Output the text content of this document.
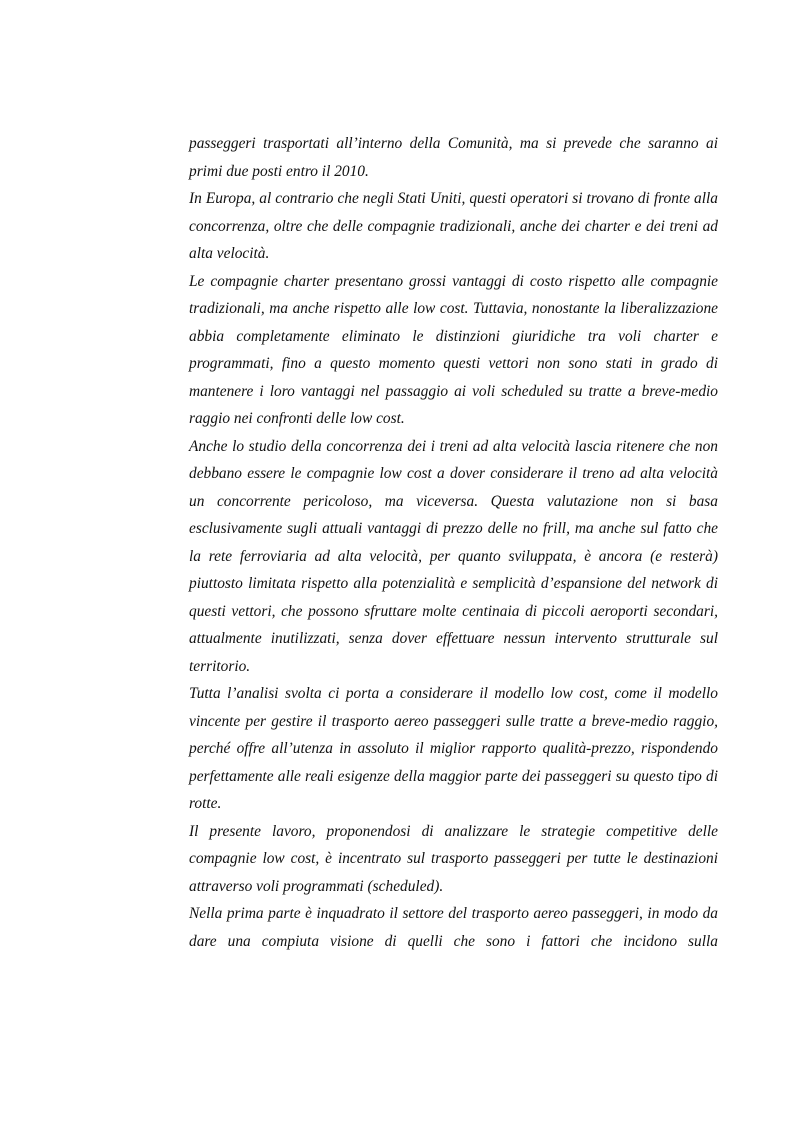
passeggeri trasportati all’interno della Comunità, ma si prevede che saranno ai primi due posti entro il 2010.

In Europa, al contrario che negli Stati Uniti, questi operatori si trovano di fronte alla concorrenza, oltre che delle compagnie tradizionali, anche dei charter e dei treni ad alta velocità.

Le compagnie charter presentano grossi vantaggi di costo rispetto alle compagnie tradizionali, ma anche rispetto alle low cost. Tuttavia, nonostante la liberalizzazione abbia completamente eliminato le distinzioni giuridiche tra voli charter e programmati, fino a questo momento questi vettori non sono stati in grado di mantenere i loro vantaggi nel passaggio ai voli scheduled su tratte a breve-medio raggio nei confronti delle low cost.

Anche lo studio della concorrenza dei i treni ad alta velocità lascia ritenere che non debbano essere le compagnie low cost a dover considerare il treno ad alta velocità un concorrente pericoloso, ma viceversa. Questa valutazione non si basa esclusivamente sugli attuali vantaggi di prezzo delle no frill, ma anche sul fatto che la rete ferroviaria ad alta velocità, per quanto sviluppata, è ancora (e resterà) piuttosto limitata rispetto alla potenzialità e semplicità d’espansione del network di questi vettori, che possono sfruttare molte centinaia di piccoli aeroporti secondari, attualmente inutilizzati, senza dover effettuare nessun intervento strutturale sul territorio.

Tutta l’analisi svolta ci porta a considerare il modello low cost, come il modello vincente per gestire il trasporto aereo passeggeri sulle tratte a breve-medio raggio, perché offre all’utenza in assoluto il miglior rapporto qualità-prezzo, rispondendo perfettamente alle reali esigenze della maggior parte dei passeggeri su questo tipo di rotte.

Il presente lavoro, proponendosi di analizzare le strategie competitive delle compagnie low cost, è incentrato sul trasporto passeggeri per tutte le destinazioni attraverso voli programmati (scheduled).

Nella prima parte è inquadrato il settore del trasporto aereo passeggeri, in modo da dare una compiuta visione di quelli che sono i fattori che incidono sulla
